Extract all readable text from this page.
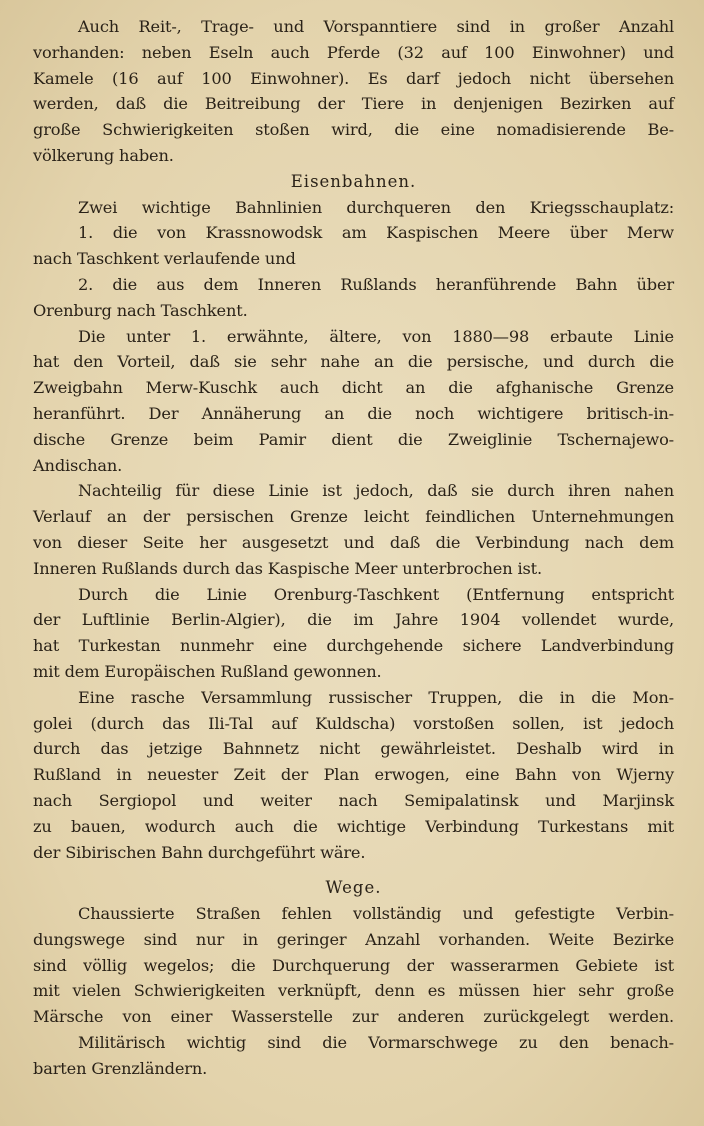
Auch Reit-, Trage- und Vorspanntiere sind in großer Anzahl
vorhanden: neben Eseln auch Pferde (32 auf 100 Einwohner) und
Kamele (16 auf 100 Einwohner). Es darf jedoch nicht übersehen
werden, daß die Beitreibung der Tiere in denjenigen Bezirken auf
große Schwierigkeiten stoßen wird, die eine nomadisierende Be-
völkerung haben.

Eisenbahnen.

Zwei wichtige Bahnlinien durchqueren den Kriegsschauplatz:

1. die von Krassnowodsk am Kaspischen Meere über Merw
nach Taschkent verlaufende und

2. die aus dem Inneren Rußlands heranführende Bahn über
Orenburg nach Taschkent.

Die unter 1. erwähnte, ältere, von 1880—98 erbaute Linie
hat den Vorteil, daß sie sehr nahe an die persische, und durch die
Zweigbahn Merw-Kuschk auch dicht an die afghanische Grenze
heranführt. Der Annäherung an die noch wichtigere britisch-in-
dische Grenze beim Pamir dient die Zweiglinie Tschernajewo-
Andischan.

Nachteilig für diese Linie ist jedoch, daß sie durch ihren nahen
Verlauf an der persischen Grenze leicht feindlichen Unternehmungen
von dieser Seite her ausgesetzt und daß die Verbindung nach dem
Inneren Rußlands durch das Kaspische Meer unterbrochen ist.

Durch die Linie Orenburg-Taschkent (Entfernung entspricht
der Luftlinie Berlin-Algier), die im Jahre 1904 vollendet wurde,
hat Turkestan nunmehr eine durchgehende sichere Landverbindung
mit dem Europäischen Rußland gewonnen.

Eine rasche Versammlung russischer Truppen, die in die Mon-
golei (durch das Ili-Tal auf Kuldscha) vorstoßen sollen, ist jedoch
durch das jetzige Bahnnetz nicht gewährleistet. Deshalb wird in
Rußland in neuester Zeit der Plan erwogen, eine Bahn von Wjerny
nach Sergiopol und weiter nach Semipalatinsk und Marjinsk
zu bauen, wodurch auch die wichtige Verbindung Turkestans mit
der Sibirischen Bahn durchgeführt wäre.

Wege.

Chaussierte Straßen fehlen vollständig und gefestigte Verbin-
dungswege sind nur in geringer Anzahl vorhanden. Weite Bezirke
sind völlig wegelos; die Durchquerung der wasserarmen Gebiete ist
mit vielen Schwierigkeiten verknüpft, denn es müssen hier sehr große
Märsche von einer Wasserstelle zur anderen zurückgelegt werden.

Militärisch wichtig sind die Vormarschwege zu den benach-
barten Grenzländern.
